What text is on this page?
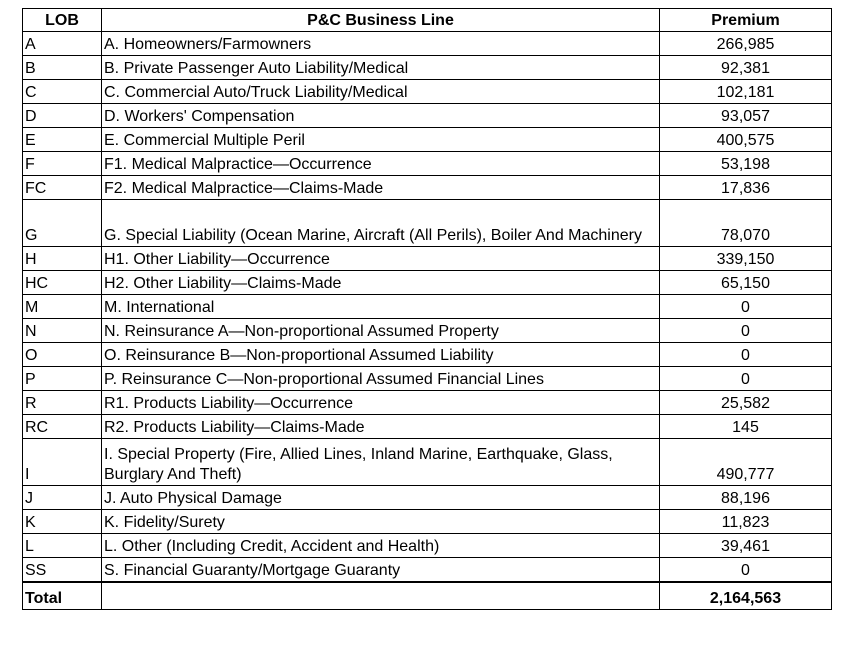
LOB	P&C Business Line	Premium
A	A. Homeowners/Farmowners	266,985
B	B. Private Passenger Auto Liability/Medical	92,381
C	C. Commercial Auto/Truck Liability/Medical	102,181
D	D. Workers' Compensation	93,057
E	E. Commercial Multiple Peril	400,575
F	F1. Medical Malpractice—Occurrence	53,198
FC	F2. Medical Malpractice—Claims-Made	17,836
G	G. Special Liability (Ocean Marine, Aircraft (All Perils), Boiler And Machinery	78,070
H	H1. Other Liability—Occurrence	339,150
HC	H2. Other Liability—Claims-Made	65,150
M	M. International	0
N	N. Reinsurance A—Non-proportional Assumed Property	0
O	O. Reinsurance B—Non-proportional Assumed Liability	0
P	P. Reinsurance C—Non-proportional Assumed Financial Lines	0
R	R1. Products Liability—Occurrence	25,582
RC	R2. Products Liability—Claims-Made	145
I	I. Special Property (Fire, Allied Lines, Inland Marine, Earthquake, Glass, Burglary And Theft)	490,777
J	J. Auto Physical Damage	88,196
K	K. Fidelity/Surety	11,823
L	L. Other (Including Credit, Accident and Health)	39,461
SS	S. Financial Guaranty/Mortgage Guaranty	0
Total		2,164,563
